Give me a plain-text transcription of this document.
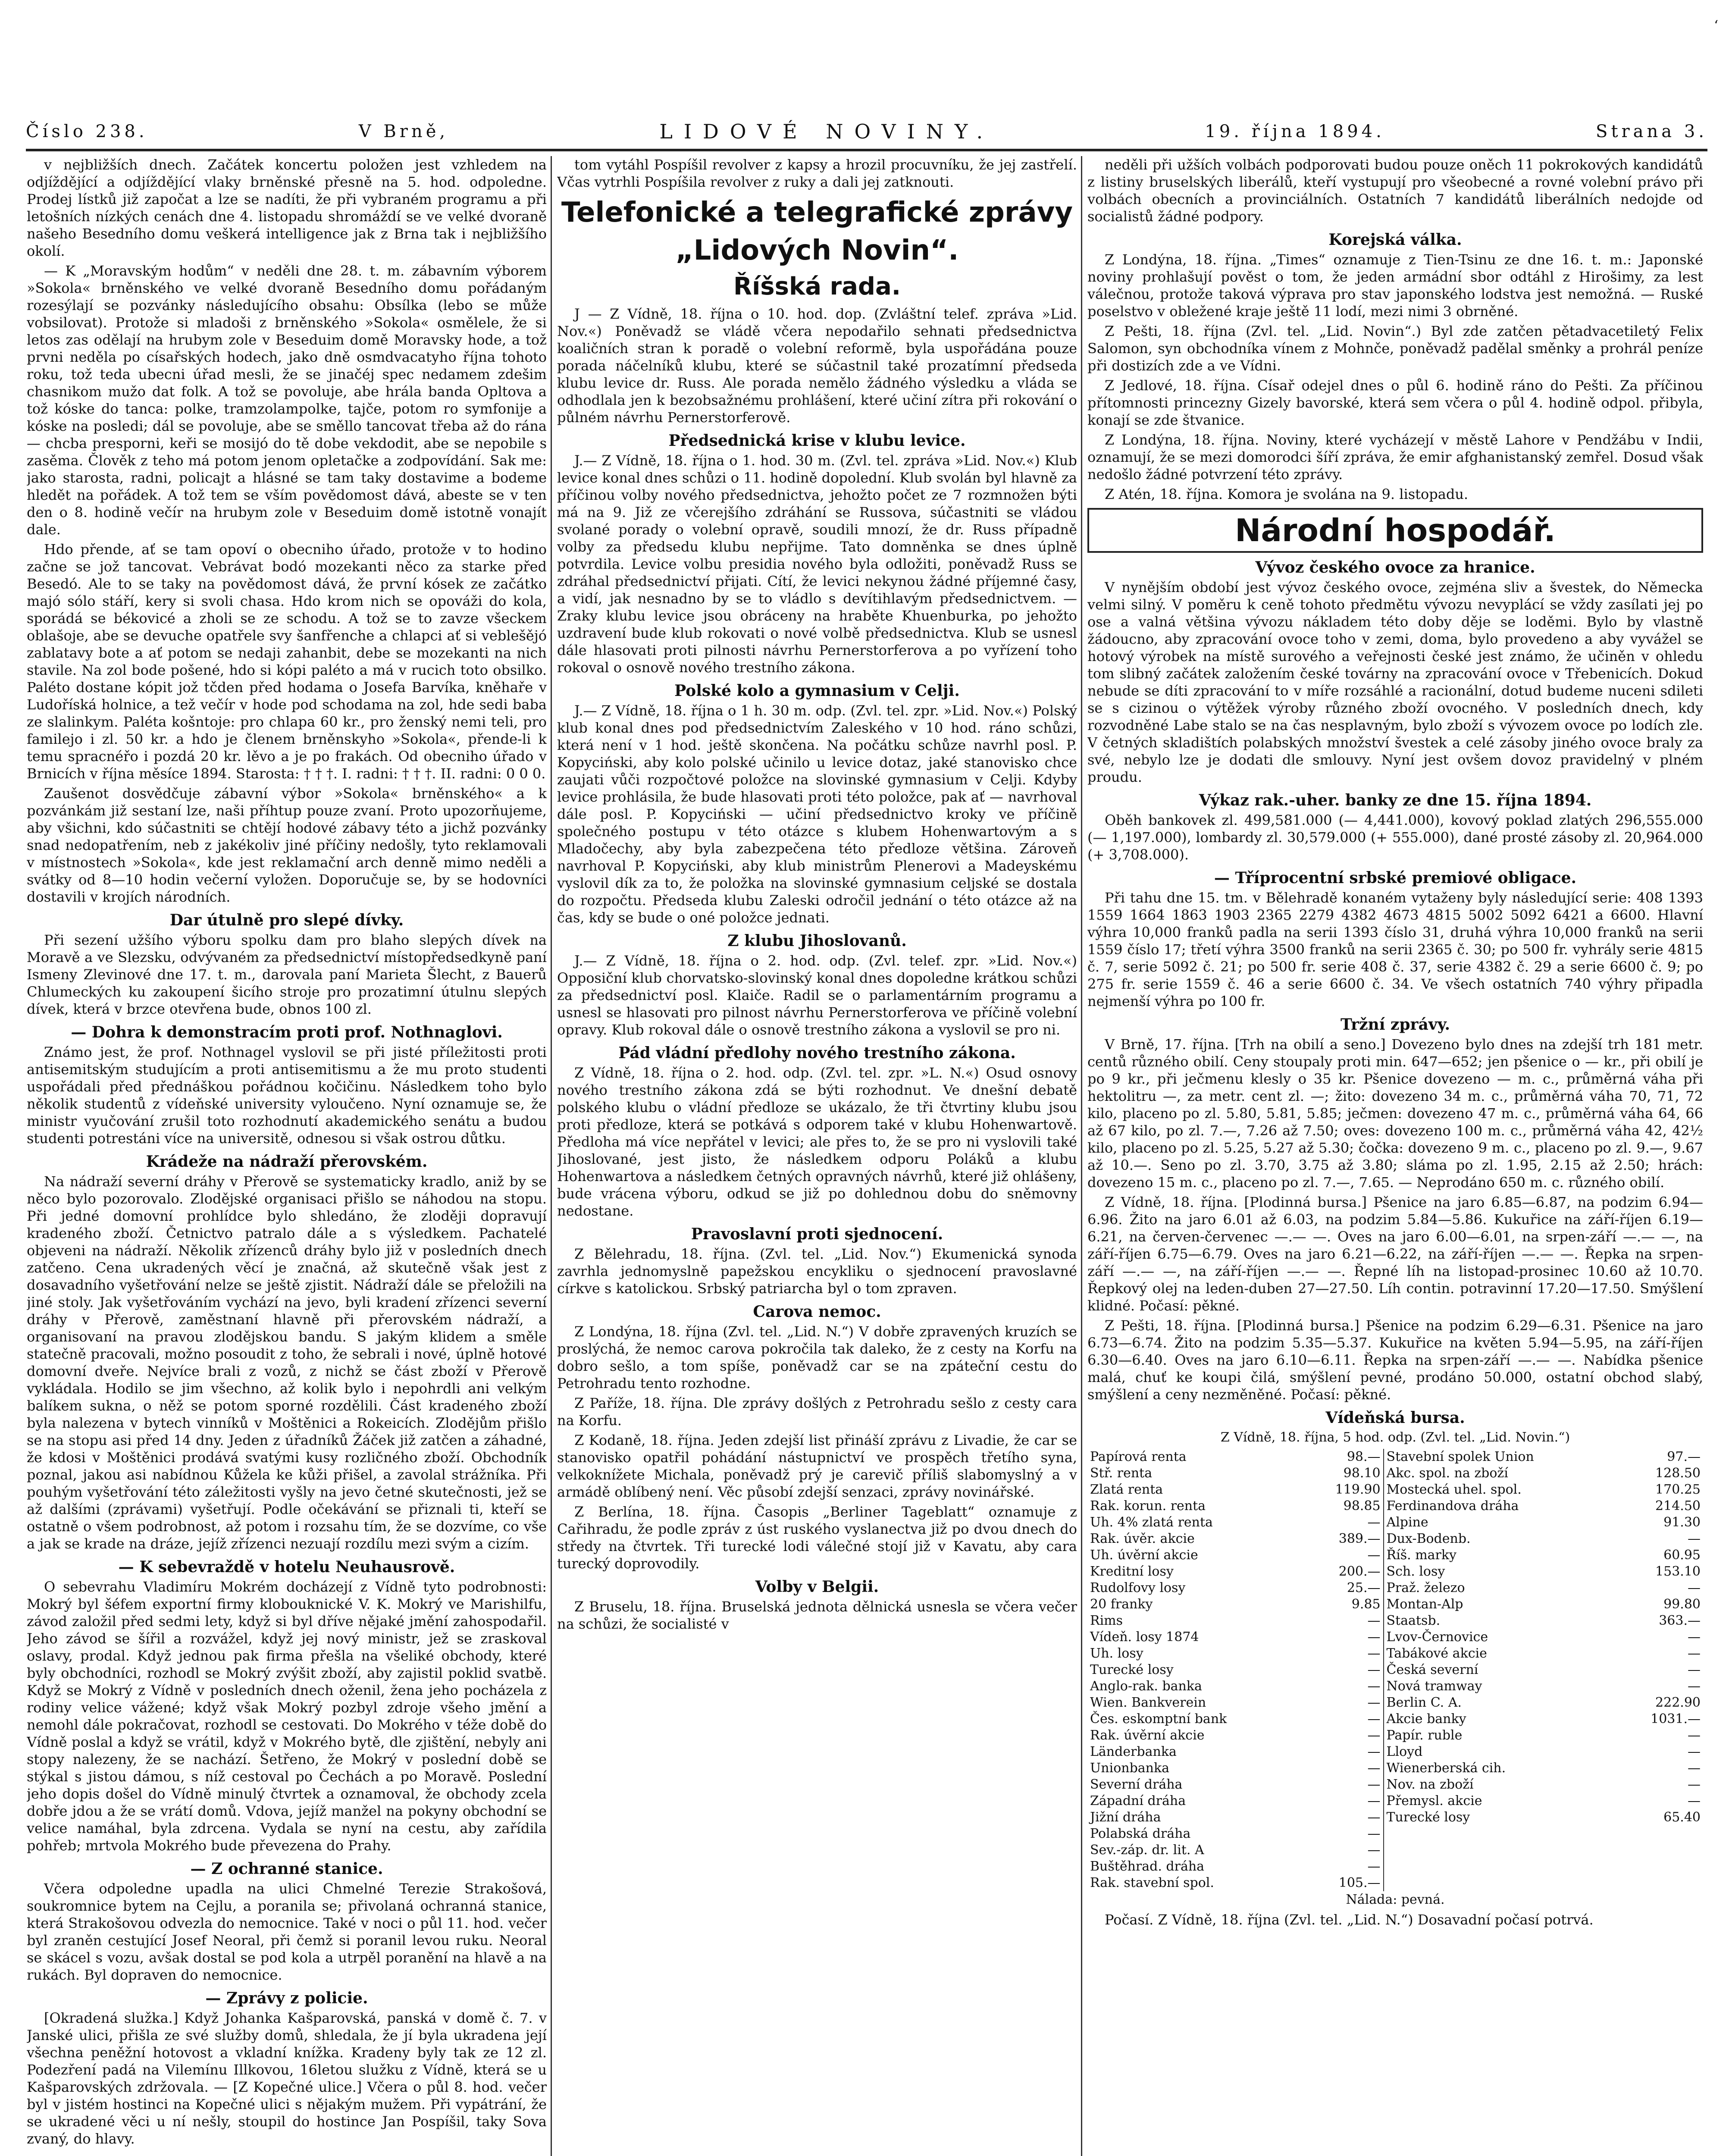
‘
Číslo 238.	V Brně,	LIDOVÉ NOVINY.	19. října 1894.	Strana 3.

v nejbližších dnech. Začátek koncertu položen jest vzhledem na odjíždějící a odjíždějící vlaky brněnské přesně na 5. hod. odpoledne. Prodej lístků již započat a lze se nadíti, že při vybraném programu a při letošních nízkých cenách dne 4. listopadu shromáždí se ve velké dvoraně našeho Besedního domu veškerá intelligence jak z Brna tak i nejbližšího okolí.

— K „Moravským hodům“ v neděli dne 28. t. m. zábavním výborem »Sokola« brněnského ve velké dvoraně Besedního domu pořádaným rozesýlají se pozvánky následujícího obsahu: Obsílka (lebo se může vobsilovat). Protože si mladoši z brněnského »Sokola« osmělele, že si letos zas odělají na hrubym zole v Beseduim domě Moravsky hode, a tož prvni neděla po císařských hodech, jako dně osmdvacatyho října tohoto roku, tož teda ubecni úřad mesli, že se jinačéj spec nedamem zdešim chasnikom mužo dat folk. A tož se povoluje, abe hrála banda Opltova a tož kóske do tanca: polke, tramzolampolke, tajče, potom ro symfonije a kóske na posledi; dál se povoluje, abe se směllo tancovat třeba až do rána — chcba presporni, keři se mosijó do tě dobe vekdodit, abe se nepobile s zasěma. Člověk z teho má potom jenom opletačke a zodpovídání. Sak me: jako starosta, radni, policajt a hlásné se tam taky dostavime a bodeme hledět na pořádek. A tož tem se vším povědomost dává, abeste se v ten den o 8. hodině večír na hrubym zole v Beseduim domě istotně vonajít dale.

Hdo přende, ať se tam opoví o obecniho úřado, protože v to hodino začne se jož tancovat. Vebrávat bodó mozekanti něco za starke před Besedó. Ale to se taky na povědomost dává, že první kósek ze začátko majó sólo stáří, kery si svoli chasa. Hdo krom nich se opováži do kola, sporádá se békovicé a zholi se ze schodu. A tož se to zavze všeckem oblašoje, abe se devuche opatřele svy šanfřenche a chlapci ať si veblešějó zablatavy bote a ať potom se nedaji zahanbit, debe se mozekanti na nich stavile. Na zol bode pošené, hdo si kópi paléto a má v rucich toto obsilko. Paléto dostane kópit jož tčden před hodama o Josefa Barvíka, kněhaře v Ludoříská holnice, a tež večír v hode pod schodama na zol, hde sedi baba ze slalinkym. Paléta košntoje: pro chlapa 60 kr., pro ženský nemi teli, pro familejo i zl. 50 kr. a hdo je členem brněnskyho »Sokola«, přende-li k temu spracnéřo i pozdá 20 kr. lěvo a je po frakách. Od obecniho úřado v Brnicích v října měsíce 1894. Starosta: † † †. I. radni: † † †. II. radni: 0 0 0.

Zaušenot dosvědčuje zábavní výbor »Sokola« brněnského« a k pozvánkám již sestaní lze, naši příhtup pouze zvaní. Proto upozorňujeme, aby všichni, kdo súčastniti se chtějí hodové zábavy této a jichž pozvánky snad nedopatřením, neb z jakékoliv jiné příčiny nedošly, tyto reklamovali v místnostech »Sokola«, kde jest reklamační arch denně mimo neděli a svátky od 8—10 hodin večerní vyložen. Doporučuje se, by se hodovníci dostavili v krojích národních.

Dar útulně pro slepé dívky.

Při sezení užšího výboru spolku dam pro blaho slepých dívek na Moravě a ve Slezsku, odvývaném za předsednictví místopředsedkyně paní Ismeny Zlevinové dne 17. t. m., darovala paní Marieta Šlecht, z Bauerů Chlumeckých ku zakoupení šicího stroje pro prozatimní útulnu slepých dívek, která v brzce otevřena bude, obnos 100 zl.

— Dohra k demonstracím proti prof. Nothnaglovi.

Známo jest, že prof. Nothnagel vyslovil se při jisté příležitosti proti antisemitským studujícím a proti antisemitismu a že mu proto studenti uspořádali před přednáškou pořádnou kočičinu. Následkem toho bylo několik studentů z vídeňské university vyloučeno. Nyní oznamuje se, že ministr vyučování zrušil toto rozhodnutí akademického senátu a budou studenti potrestáni více na universitě, odnesou si však ostrou důtku.

Krádeže na nádraží přerovském.

Na nádraží severní dráhy v Přerově se systematicky kradlo, aniž by se něco bylo pozorovalo. Zlodějské organisaci přišlo se náhodou na stopu. Při jedné domovní prohlídce bylo shledáno, že zloději dopravují kradeného zboží. Četnictvo patralo dále a s výsledkem. Pachatelé objeveni na nádraží. Několik zřízenců dráhy bylo již v posledních dnech zatčeno. Cena ukradených věcí je značná, až skutečně však jest z dosavadního vyšetřování nelze se ještě zjistit. Nádraží dále se přeložili na jiné stoly. Jak vyšetřováním vychází na jevo, byli kradení zřízenci severní dráhy v Přerově, zaměstnaní hlavně při přerovském nádraží, a organisovaní na pravou zlodějskou bandu. S jakým klidem a směle statečně pracovali, možno posoudit z toho, že sebrali i nové, úplně hotové domovní dveře. Nejvíce brali z vozů, z nichž se část zboží v Přerově vykládala. Hodilo se jim všechno, až kolik bylo i nepohrdli ani velkým balíkem sukna, o něž se potom sporné rozdělili. Část kradeného zboží byla nalezena v bytech vinníků v Moštěnici a Rokeicích. Zlodějům přišlo se na stopu asi před 14 dny. Jeden z úřadníků Žáček již zatčen a záhadné, že kdosi v Moštěnici prodává svatými kusy rozličného zboží. Obchodník poznal, jakou asi nabídnou Kůžela ke kůži přišel, a zavolal strážníka. Při pouhým vyšetřování této záležitosti vyšly na jevo četné skutečnosti, jež se až dalšími (zprávami) vyšetřují. Podle očekávání se přiznali ti, kteří se ostatně o všem podrobnost, až potom i rozsahu tím, že se dozvíme, co vše a jak se krade na dráze, jejíž zřízenci nezuají rozdílu mezi svým a cizím.

— K sebevraždě v hotelu Neuhausrově.

O sebevrahu Vladimíru Mokrém docházejí z Vídně tyto podrobnosti: Mokrý byl šéfem exportní firmy klobouknické V. K. Mokrý ve Marishilfu, závod založil před sedmi lety, když si byl dříve nějaké jmění zahospodařil. Jeho závod se šířil a rozvážel, když jej nový ministr, jež se zraskoval oslavy, prodal. Když jednou pak firma přešla na všeliké obchody, které byly obchodníci, rozhodl se Mokrý zvýšit zboží, aby zajistil poklid svatbě. Když se Mokrý z Vídně v posledních dnech oženil, žena jeho pocházela z rodiny velice vážené; když však Mokrý pozbyl zdroje všeho jmění a nemohl dále pokračovat, rozhodl se cestovati. Do Mokrého v téže době do Vídně poslal a když se vrátil, když v Mokrého bytě, dle zjištění, nebyly ani stopy nalezeny, že se nachází. Šetřeno, že Mokrý v poslední době se stýkal s jistou dámou, s níž cestoval po Čechách a po Moravě. Poslední jeho dopis došel do Vídně minulý čtvrtek a oznamoval, že obchody zcela dobře jdou a že se vrátí domů. Vdova, jejíž manžel na pokyny obchodní se velice namáhal, byla zdrcena. Vydala se nyní na cestu, aby zařídila pohřeb; mrtvola Mokrého bude převezena do Prahy.

— Z ochranné stanice.

Včera odpoledne upadla na ulici Chmelné Terezie Strakošová, soukromnice bytem na Cejlu, a poranila se; přivolaná ochranná stanice, která Strakošovou odvezla do nemocnice. Také v noci o půl 11. hod. večer byl zraněn cestující Josef Neoral, při čemž si poranil levou ruku. Neoral se skácel s vozu, avšak dostal se pod kola a utrpěl poranění na hlavě a na rukách. Byl dopraven do nemocnice.

— Zprávy z policie.

[Okradená služka.] Když Johanka Kašparovská, panská v domě č. 7. v Janské ulici, přišla ze své služby domů, shledala, že jí byla ukradena její všechna peněžní hotovost a vkladní knížka. Kradeny byly tak ze 12 zl. Podezření padá na Vilemínu Illkovou, 16letou služku z Vídně, která se u Kašparovských zdržovala. — [Z Kopečné ulice.] Včera o půl 8. hod. večer byl v jistém hostinci na Kopečné ulici s nějakým mužem. Při vypátrání, že se ukradené věci u ní nešly, stoupil do hostince Jan Pospíšil, taky Sova zvaný, do hlavy.

tom vytáhl Pospíšil revolver z kapsy a hrozil procuvníku, že jej zastřelí. Včas vytrhli Pospíšila revolver z ruky a dali jej zatknouti.

Telefonické a telegrafické zprávy
„Lidových Novin“.
Říšská rada.

J — Z Vídně, 18. října o 10. hod. dop. (Zvláštní telef. zpráva »Lid. Nov.«) Poněvadž se vládě včera nepodařilo sehnati předsednictva koaličních stran k poradě o volební reformě, byla uspořádána pouze porada náčelníků klubu, které se súčastnil také prozatímní předseda klubu levice dr. Russ. Ale porada nemělo žádného výsledku a vláda se odhodlala jen k bezobsažnému prohlášení, které učiní zítra při rokování o půlném návrhu Pernerstorferově.

Předsednická krise v klubu levice.

J.— Z Vídně, 18. října o 1. hod. 30 m. (Zvl. tel. zpráva »Lid. Nov.«) Klub levice konal dnes schůzi o 11. hodině dopolední. Klub svolán byl hlavně za příčinou volby nového předsednictva, jehožto počet ze 7 rozmnožen býti má na 9. Již ze včerejšího zdráhání se Russova, súčastniti se vládou svolané porady o volební opravě, soudili mnozí, že dr. Russ případně volby za předsedu klubu nepřijme. Tato domněnka se dnes úplně potvrdila. Levice volbu presidia nového byla odložiti, poněvadž Russ se zdráhal předsednictví přijati. Cítí, že levici nekynou žádné příjemné časy, a vidí, jak nesnadno by se to vládlo s devítihlavým předsednictvem. — Zraky klubu levice jsou obráceny na hraběte Khuenburka, po jehožto uzdravení bude klub rokovati o nové volbě předsednictva. Klub se usnesl dále hlasovati proti pilnosti návrhu Pernerstorferova a po vyřízení toho rokoval o osnově nového trestního zákona.

Polské kolo a gymnasium v Celji.

J.— Z Vídně, 18. října o 1 h. 30 m. odp. (Zvl. tel. zpr. »Lid. Nov.«) Polský klub konal dnes pod předsednictvím Zaleského v 10 hod. ráno schůzi, která není v 1 hod. ještě skončena. Na počátku schůze navrhl posl. P. Kopyciński, aby kolo polské učinilo u levice dotaz, jaké stanovisko chce zaujati vůči rozpočtové položce na slovinské gymnasium v Celji. Kdyby levice prohlásila, že bude hlasovati proti této položce, pak ať — navrhoval dále posl. P. Kopyciński — učiní předsednictvo kroky ve příčině společného postupu v této otázce s klubem Hohenwartovým a s Mladočechy, aby byla zabezpečena této předloze většina. Zároveň navrhoval P. Kopyciński, aby klub ministrům Plenerovi a Madeyskému vyslovil dík za to, že položka na slovinské gymnasium celjské se dostala do rozpočtu. Předseda klubu Zaleski odročil jednání o této otázce až na čas, kdy se bude o oné položce jednati.

Z klubu Jihoslovanů.

J.— Z Vídně, 18. října o 2. hod. odp. (Zvl. telef. zpr. »Lid. Nov.«) Opposiční klub chorvatsko-slovinský konal dnes dopoledne krátkou schůzi za předsednictví posl. Klaiče. Radil se o parlamentárním programu a usnesl se hlasovati pro pilnost návrhu Pernerstorferova ve příčině volební opravy. Klub rokoval dále o osnově trestního zákona a vyslovil se pro ni.

Pád vládní předlohy nového trestního zákona.

Z Vídně, 18. října o 2. hod. odp. (Zvl. tel. zpr. »L. N.«) Osud osnovy nového trestního zákona zdá se býti rozhodnut. Ve dnešní debatě polského klubu o vládní předloze se ukázalo, že tři čtvrtiny klubu jsou proti předloze, která se potkává s odporem také v klubu Hohenwartově. Předloha má více nepřátel v levici; ale přes to, že se pro ni vyslovili také Jihoslované, jest jisto, že následkem odporu Poláků a klubu Hohenwartova a následkem četných opravných návrhů, které již ohlášeny, bude vrácena výboru, odkud se již po dohlednou dobu do sněmovny nedostane.

Pravoslavní proti sjednocení.

Z Bělehradu, 18. října. (Zvl. tel. „Lid. Nov.“) Ekumenická synoda zavrhla jednomyslně papežskou encykliku o sjednocení pravoslavné církve s katolickou. Srbský patriarcha byl o tom zpraven.

Carova nemoc.

Z Londýna, 18. října (Zvl. tel. „Lid. N.“) V dobře zpravených kruzích se proslýchá, že nemoc carova pokročila tak daleko, že z cesty na Korfu na dobro sešlo, a tom spíše, poněvadž car se na zpáteční cestu do Petrohradu tento rozhodne.

Z Paříže, 18. října. Dle zprávy došlých z Petrohradu sešlo z cesty cara na Korfu.

Z Kodaně, 18. října. Jeden zdejší list přináší zprávu z Livadie, že car se stanovisko opatřil pohádání nástupnictví ve prospěch třetího syna, velkoknížete Michala, poněvadž prý je carevič příliš slabomyslný a v armádě oblíbený není. Věc působí zdejší senzaci, zprávy novinářské.

Z Berlína, 18. října. Časopis „Berliner Tageblatt“ oznamuje z Cařihradu, že podle zpráv z úst ruského vyslanectva již po dvou dnech do středy na čtvrtek. Tři turecké lodi válečné stojí již v Kavatu, aby cara turecký doprovodily.

Volby v Belgii.

Z Bruselu, 18. října. Bruselská jednota dělnická usnesla se včera večer na schůzi, že socialisté v

neděli při užších volbách podporovati budou pouze oněch 11 pokrokových kandidátů z listiny bruselských liberálů, kteří vystupují pro všeobecné a rovné volební právo při volbách obecních a provinciálních. Ostatních 7 kandidátů liberálních nedojde od socialistů žádné podpory.

Korejská válka.

Z Londýna, 18. října. „Times“ oznamuje z Tien-Tsinu ze dne 16. t. m.: Japonské noviny prohlašují pověst o tom, že jeden armádní sbor odtáhl z Hirošimy, za lest válečnou, protože taková výprava pro stav japonského lodstva jest nemožná. — Ruské poselstvo v obležené kraje ještě 11 lodí, mezi nimi 3 obrněné.

Z Pešti, 18. října (Zvl. tel. „Lid. Novin“.) Byl zde zatčen pětadvacetiletý Felix Salomon, syn obchodníka vínem z Mohnče, poněvadž padělal směnky a prohrál peníze při dostizích zde a ve Vídni.

Z Jedlové, 18. října. Císař odejel dnes o půl 6. hodině ráno do Pešti. Za příčinou přítomnosti princezny Gizely bavorské, která sem včera o půl 4. hodině odpol. přibyla, konají se zde štvanice.

Z Londýna, 18. října. Noviny, které vycházejí v městě Lahore v Pendžábu v Indii, oznamují, že se mezi domorodci šíří zpráva, že emir afghanistanský zemřel. Dosud však nedošlo žádné potvrzení této zprávy.

Z Atén, 18. října. Komora je svolána na 9. listopadu.

Národní hospodář.
Vývoz českého ovoce za hranice.

V nynějším období jest vývoz českého ovoce, zejména sliv a švestek, do Německa velmi silný. V poměru k ceně tohoto předmětu vývozu nevyplácí se vždy zasílati jej po ose a valná většina vývozu nákladem této doby děje se loděmi. Bylo by vlastně žádoucno, aby zpracování ovoce toho v zemi, doma, bylo provedeno a aby vyvážel se hotový výrobek na místě surového a veřejnosti české jest známo, že učiněn v ohledu tom slibný začátek založením české továrny na zpracování ovoce v Třebenicích. Dokud nebude se díti zpracování to v míře rozsáhlé a racionální, dotud budeme nuceni sdileti se s cizinou o výtěžek výroby různého zboží ovocného. V posledních dnech, kdy rozvodněné Labe stalo se na čas nesplavným, bylo zboží s vývozem ovoce po lodích zle. V četných skladištích polabských množství švestek a celé zásoby jiného ovoce braly za své, nebylo lze je dodati dle smlouvy. Nyní jest ovšem dovoz pravidelný v plném proudu.

Výkaz rak.-uher. banky ze dne 15. října 1894.

Oběh bankovek zl. 499,581.000 (— 4,441.000), kovový poklad zlatých 296,555.000 (— 1,197.000), lombardy zl. 30,579.000 (+ 555.000), dané prosté zásoby zl. 20,964.000 (+ 3,708.000).

— Tříprocentní srbské premiové obligace.

Při tahu dne 15. tm. v Bělehradě konaném vytaženy byly následující serie: 408 1393 1559 1664 1863 1903 2365 2279 4382 4673 4815 5002 5092 6421 a 6600. Hlavní výhra 10,000 franků padla na serii 1393 číslo 31, druhá výhra 10,000 franků na serii 1559 číslo 17; třetí výhra 3500 franků na serii 2365 č. 30; po 500 fr. vyhrály serie 4815 č. 7, serie 5092 č. 21; po 500 fr. serie 408 č. 37, serie 4382 č. 29 a serie 6600 č. 9; po 275 fr. serie 1559 č. 46 a serie 6600 č. 34. Ve všech ostatních 740 výhry připadla nejmenší výhra po 100 fr.

Tržní zprávy.

V Brně, 17. října. [Trh na obilí a seno.] Dovezeno bylo dnes na zdejší trh 181 metr. centů různého obilí. Ceny stoupaly proti min. 647—652; jen pšenice o — kr., při obilí je po 9 kr., při ječmenu klesly o 35 kr. Pšenice dovezeno — m. c., průměrná váha při hektolitru —, za metr. cent zl. —; žito: dovezeno 34 m. c., průměrná váha 70, 71, 72 kilo, placeno po zl. 5.80, 5.81, 5.85; ječmen: dovezeno 47 m. c., průměrná váha 64, 66 až 67 kilo, po zl. 7.—, 7.26 až 7.50; oves: dovezeno 100 m. c., průměrná váha 42, 42½ kilo, placeno po zl. 5.25, 5.27 až 5.30; čočka: dovezeno 9 m. c., placeno po zl. 9.—, 9.67 až 10.—. Seno po zl. 3.70, 3.75 až 3.80; sláma po zl. 1.95, 2.15 až 2.50; hrách: dovezeno 15 m. c., placeno po zl. 7.—, 7.65. — Neprodáno 650 m. c. různého obilí.

Z Vídně, 18. října. [Plodinná bursa.] Pšenice na jaro 6.85—6.87, na podzim 6.94—6.96. Žito na jaro 6.01 až 6.03, na podzim 5.84—5.86. Kukuřice na září-říjen 6.19—6.21, na červen-červenec —.— —. Oves na jaro 6.00—6.01, na srpen-září —.— —, na září-říjen 6.75—6.79. Oves na jaro 6.21—6.22, na září-říjen —.— —. Řepka na srpen-září —.— —, na září-říjen —.— —. Řepné líh na listopad-prosinec 10.60 až 10.70. Řepkový olej na leden-duben 27—27.50. Líh contin. potravinní 17.20—17.50. Smýšlení klidné. Počasí: pěkné.

Z Pešti, 18. října. [Plodinná bursa.] Pšenice na podzim 6.29—6.31. Pšenice na jaro 6.73—6.74. Žito na podzim 5.35—5.37. Kukuřice na květen 5.94—5.95, na září-říjen 6.30—6.40. Oves na jaro 6.10—6.11. Řepka na srpen-září —.— —. Nabídka pšenice malá, chuť ke koupi čilá, smýšlení pevné, prodáno 50.000, ostatní obchod slabý, smýšlení a ceny nezměněné. Počasí: pěkné.

Vídeňská bursa.

Z Vídně, 18. října, 5 hod. odp. (Zvl. tel. „Lid. Novin.“)

Papírová renta	98.—	Stavební spolek Union	97.—
Stř. renta	98.10	Akc. spol. na zboží	128.50
Zlatá renta	119.90	Mostecká uhel. spol.	170.25
Rak. korun. renta	98.85	Ferdinandova dráha	214.50
Uh. 4% zlatá renta	—	Alpine	91.30
Rak. úvěr. akcie	389.—	Dux-Bodenb.	—
Uh. úvěrní akcie	—	Říš. marky	60.95
Kreditní losy	200.—	Sch. losy	153.10
Rudolfovy losy	25.—	Praž. železo	—
20 franky	9.85	Montan-Alp	99.80
Rims	—	Staatsb.	363.—
Vídeň. losy 1874	—	Lvov-Černovice	—
Uh. losy	—	Tabákové akcie	—
Turecké losy	—	Česká severní	—
Anglo-rak. banka	—	Nová tramway	—
Wien. Bankverein	—	Berlin C. A.	222.90
Čes. eskomptní bank	—	Akcie banky	1031.—
Rak. úvěrní akcie	—	Papír. ruble	—
Länderbanka	—	Lloyd	—
Unionbanka	—	Wienerberská cih.	—
Severní dráha	—	Nov. na zboží	—
Západní dráha	—	Přemysl. akcie	—
Jižní dráha	—	Turecké losy	65.40
Polabská dráha	—		
Sev.-záp. dr. lit. A	—		
Buštěhrad. dráha	—		
Rak. stavební spol.	105.—		

Nálada: pevná.

Počasí. Z Vídně, 18. října (Zvl. tel. „Lid. N.“) Dosavadní počasí potrvá.
